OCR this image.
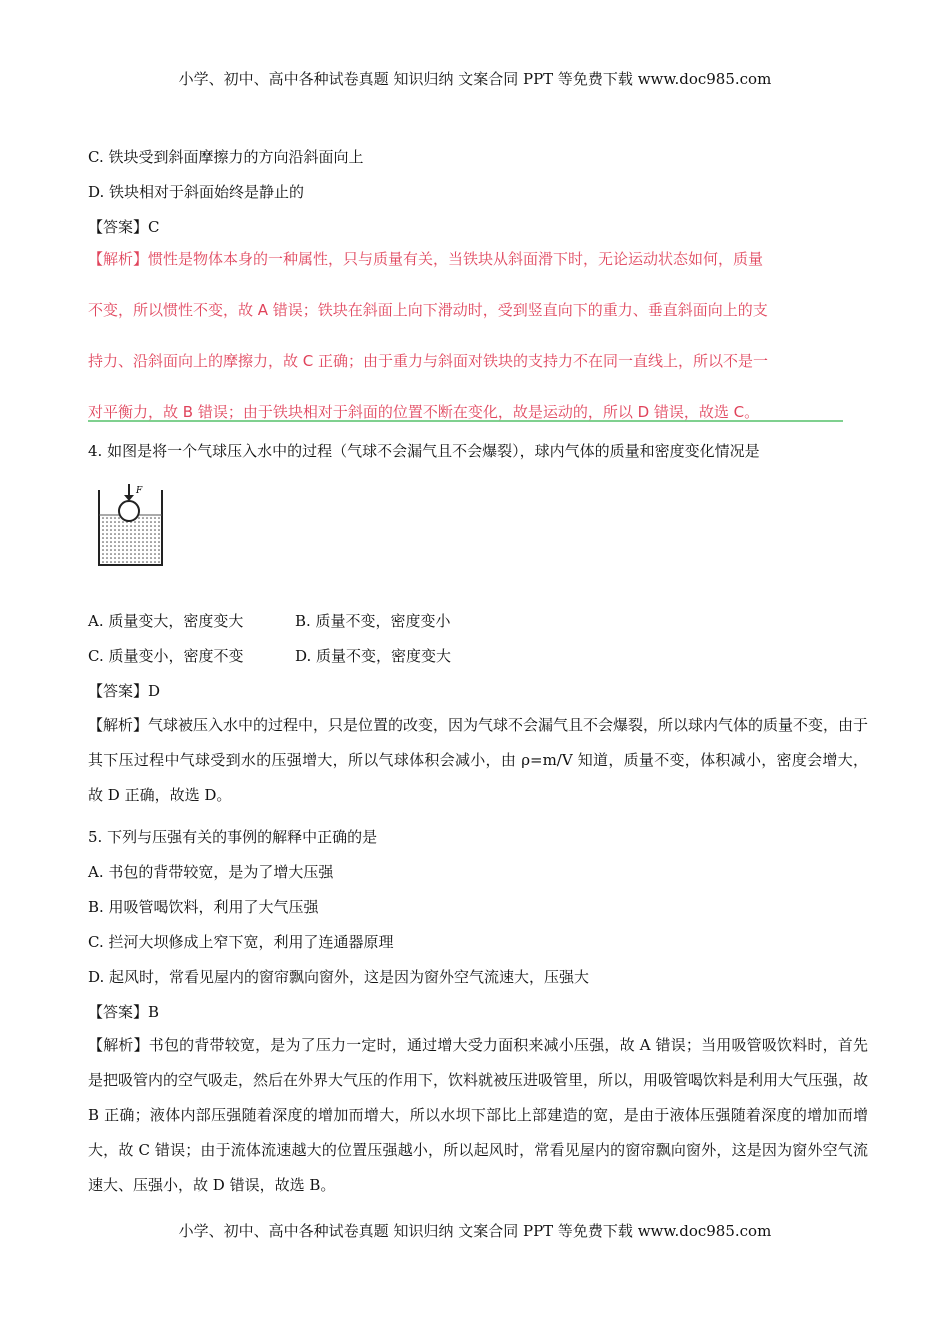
小学、初中、高中各种试卷真题 知识归纳 文案合同 PPT 等免费下载 www.doc985.com
C. 铁块受到斜面摩擦力的方向沿斜面向上
D. 铁块相对于斜面始终是静止的
【答案】C
【解析】惯性是物体本身的一种属性，只与质量有关，当铁块从斜面滑下时，无论运动状态如何，质量
不变，所以惯性不变，故 A 错误；铁块在斜面上向下滑动时，受到竖直向下的重力、垂直斜面向上的支
持力、沿斜面向上的摩擦力，故 C 正确；由于重力与斜面对铁块的支持力不在同一直线上，所以不是一
对平衡力，故 B 错误；由于铁块相对于斜面的位置不断在变化，故是运动的，所以 D 错误，故选 C。
4. 如图是将一个气球压入水中的过程（气球不会漏气且不会爆裂），球内气体的质量和密度变化情况是
F
A. 质量变大，密度变大	B. 质量不变，密度变小
C. 质量变小，密度不变	D. 质量不变，密度变大
【答案】D
【解析】气球被压入水中的过程中，只是位置的改变，因为气球不会漏气且不会爆裂，所以球内气体的质量不变，由于其下压过程中气球受到水的压强增大，所以气球体积会减小，由 ρ=m/V 知道，质量不变，体积减小，密度会增大，故 D 正确，故选 D。
5. 下列与压强有关的事例的解释中正确的是
A. 书包的背带较宽，是为了增大压强
B. 用吸管喝饮料，利用了大气压强
C. 拦河大坝修成上窄下宽，利用了连通器原理
D. 起风时，常看见屋内的窗帘飘向窗外，这是因为窗外空气流速大，压强大
【答案】B
【解析】书包的背带较宽，是为了压力一定时，通过增大受力面积来减小压强，故 A 错误；当用吸管吸饮料时，首先是把吸管内的空气吸走，然后在外界大气压的作用下，饮料就被压进吸管里，所以，用吸管喝饮料是利用大气压强，故 B 正确；液体内部压强随着深度的增加而增大，所以水坝下部比上部建造的宽，是由于液体压强随着深度的增加而增大，故 C 错误；由于流体流速越大的位置压强越小，所以起风时，常看见屋内的窗帘飘向窗外，这是因为窗外空气流速大、压强小，故 D 错误，故选 B。
小学、初中、高中各种试卷真题 知识归纳 文案合同 PPT 等免费下载 www.doc985.com
